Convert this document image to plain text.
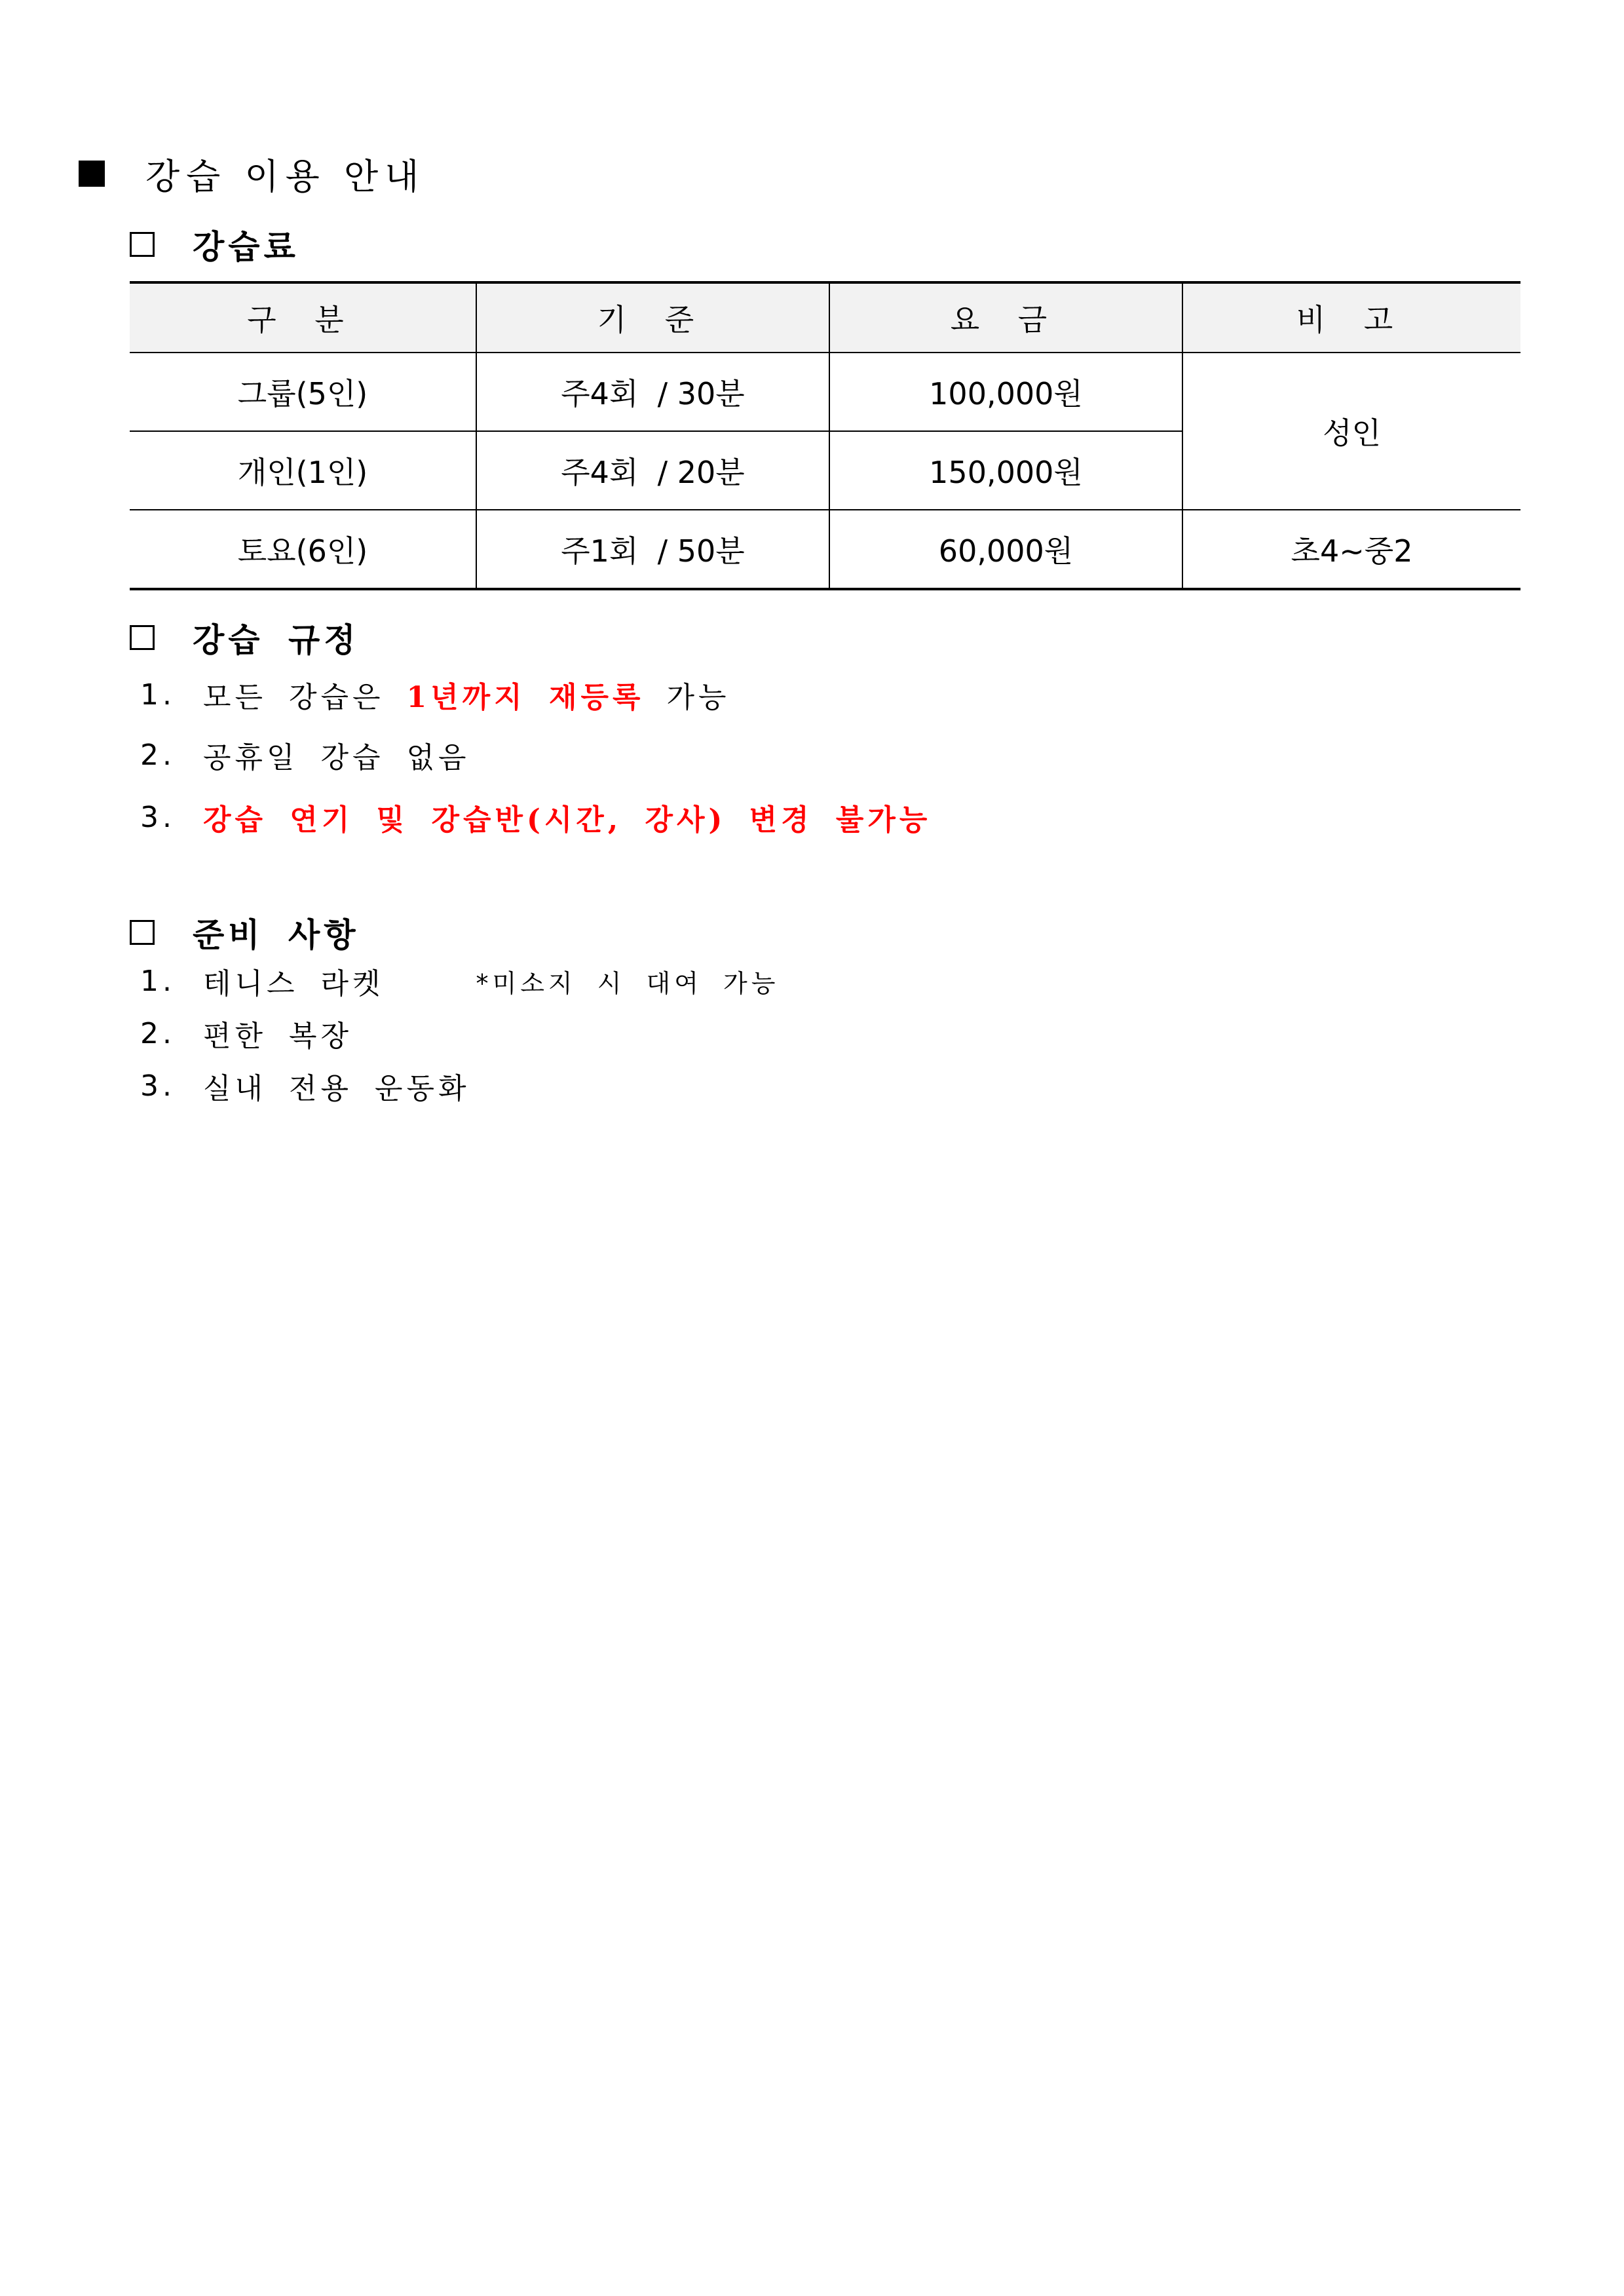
강습 이용 안내
강습료
구 분	기 준	요 금	비 고
그룹(5인)	주4회  / 30분	100,000원	성인
개인(1인)	주4회  / 20분	150,000원	
토요(6인)	주1회  / 50분	60,000원	초4~중2
강습 규정
1. 모든 강습은 1년까지 재등록 가능
2. 공휴일 강습 없음
3. 강습 연기 및 강습반(시간, 강사) 변경 불가능
준비 사항
1. 테니스 라켓	*미소지 시 대여 가능
2. 편한 복장
3. 실내 전용 운동화
